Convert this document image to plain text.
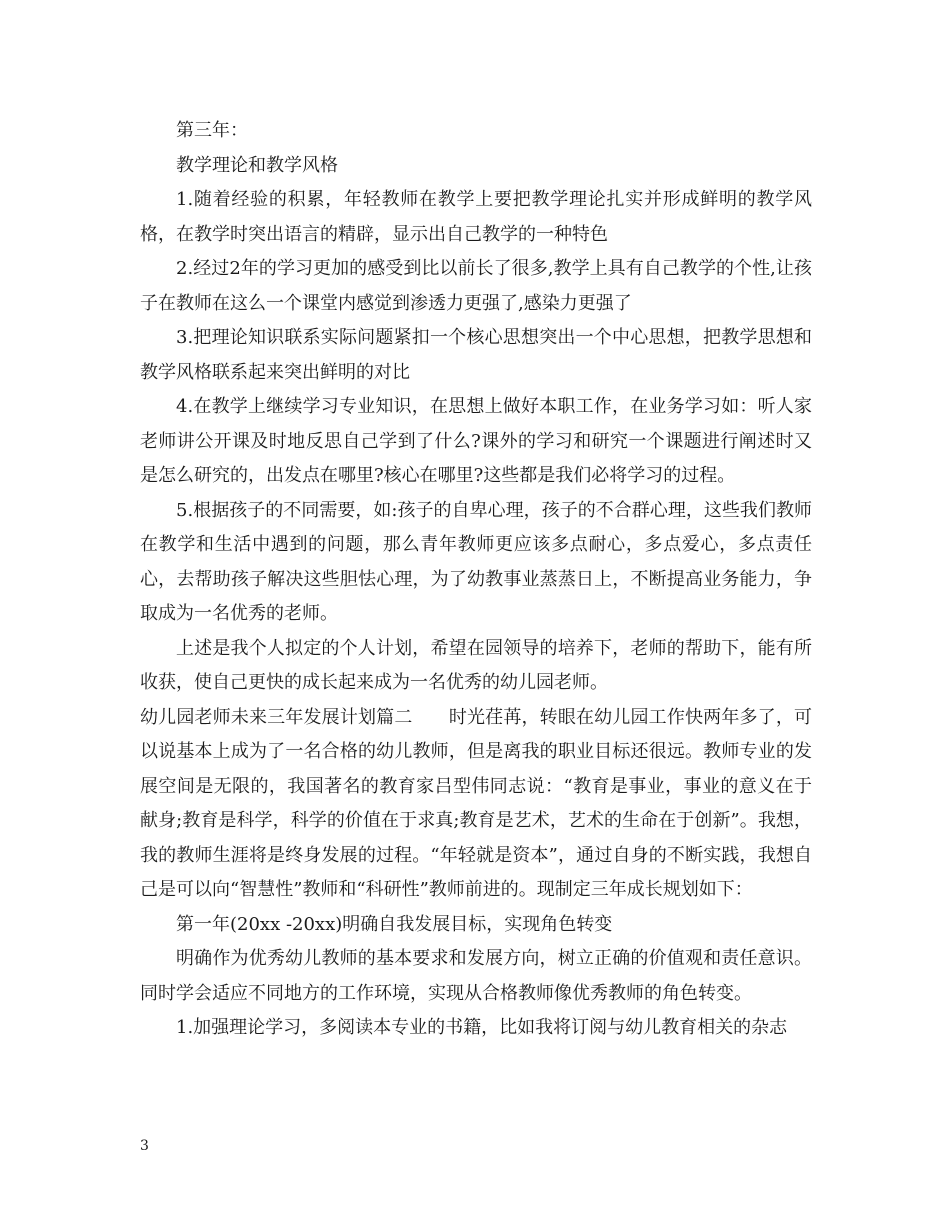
第三年：

教学理论和教学风格

1.随着经验的积累，年轻教师在教学上要把教学理论扎实并形成鲜明的教学风格，在教学时突出语言的精辟，显示出自己教学的一种特色

2.经过2年的学习更加的感受到比以前长了很多,教学上具有自己教学的个性,让孩子在教师在这么一个课堂内感觉到渗透力更强了,感染力更强了

3.把理论知识联系实际问题紧扣一个核心思想突出一个中心思想，把教学思想和教学风格联系起来突出鲜明的对比

4.在教学上继续学习专业知识，在思想上做好本职工作，在业务学习如：听人家老师讲公开课及时地反思自己学到了什么?课外的学习和研究一个课题进行阐述时又是怎么研究的，出发点在哪里?核心在哪里?这些都是我们必将学习的过程。

5.根据孩子的不同需要，如:孩子的自卑心理，孩子的不合群心理，这些我们教师在教学和生活中遇到的问题，那么青年教师更应该多点耐心，多点爱心，多点责任心，去帮助孩子解决这些胆怯心理，为了幼教事业蒸蒸日上，不断提高业务能力，争取成为一名优秀的老师。

上述是我个人拟定的个人计划，希望在园领导的培养下，老师的帮助下，能有所收获，使自己更快的成长起来成为一名优秀的幼儿园老师。

幼儿园老师未来三年发展计划篇二　　时光荏苒，转眼在幼儿园工作快两年多了，可以说基本上成为了一名合格的幼儿教师，但是离我的职业目标还很远。教师专业的发展空间是无限的，我国著名的教育家吕型伟同志说：“教育是事业，事业的意义在于献身;教育是科学，科学的价值在于求真;教育是艺术，艺术的生命在于创新”。我想，我的教师生涯将是终身发展的过程。“年轻就是资本”，通过自身的不断实践，我想自己是可以向“智慧性”教师和“科研性”教师前进的。现制定三年成长规划如下：

第一年(20xx -20xx)明确自我发展目标，实现角色转变

明确作为优秀幼儿教师的基本要求和发展方向，树立正确的价值观和责任意识。同时学会适应不同地方的工作环境，实现从合格教师像优秀教师的角色转变。

1.加强理论学习，多阅读本专业的书籍，比如我将订阅与幼儿教育相关的杂志

3
